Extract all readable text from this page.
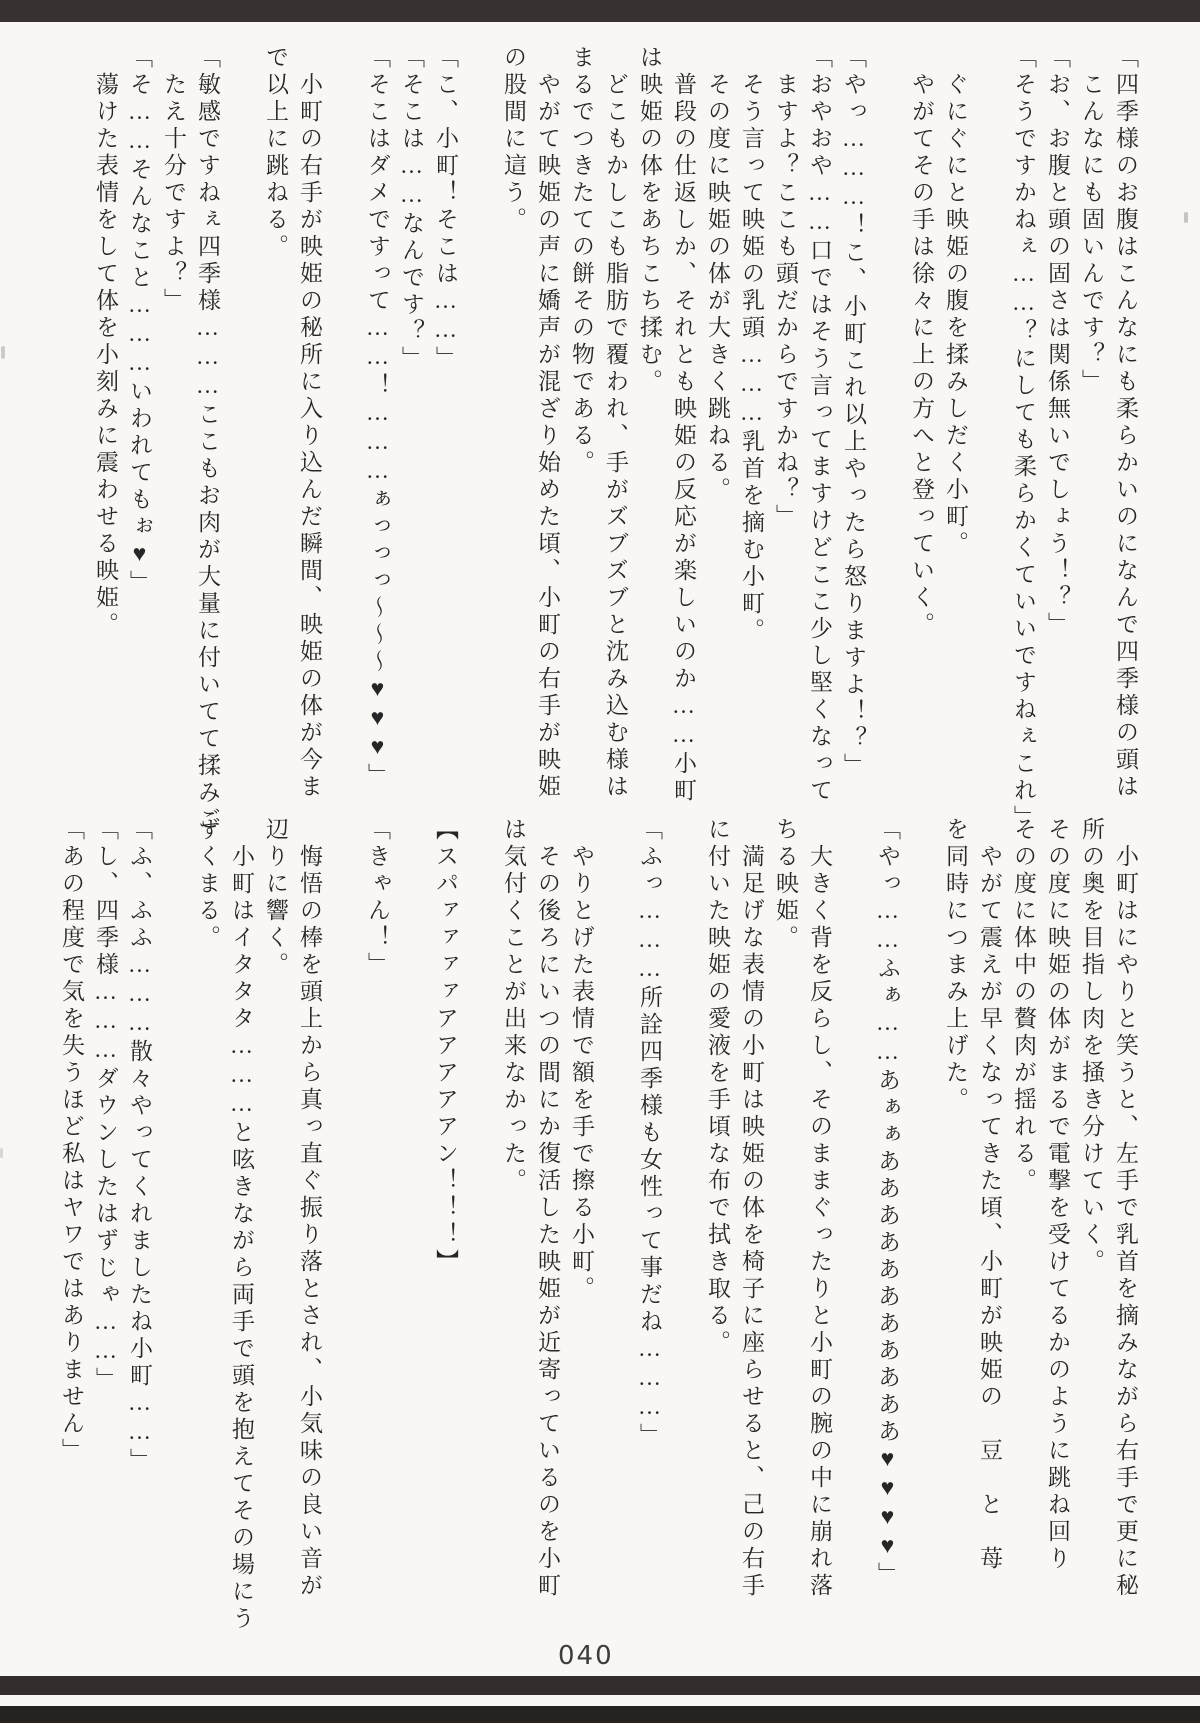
「四季様のお腹はこんなにも柔らかいのになんで四季様の頭は
　こんなにも固いんです？」
「お、お腹と頭の固さは関係無いでしょう！？」
「そうですかねぇ……？にしても柔らかくていいですねぇこれ」
　ぐにぐにと映姫の腹を揉みしだく小町。
　やがてその手は徐々に上の方へと登っていく。
「やっ………！こ、小町これ以上やったら怒りますよ！？」
「おやおや……口ではそう言ってますけどここ少し堅くなって
　ますよ？ここも頭だからですかね？」
　そう言って映姫の乳頭………乳首を摘む小町。
　その度に映姫の体が大きく跳ねる。
　普段の仕返しか、それとも映姫の反応が楽しいのか……小町
は映姫の体をあちこち揉む。
　どこもかしこも脂肪で覆われ、手がズブズブと沈み込む様は
まるでつきたての餅その物である。
　やがて映姫の声に嬌声が混ざり始めた頃、小町の右手が映姫
の股間に這う。
「こ、小町！そこは……」
「そこは……なんです？」
「そこはダメですって……！………ぁっっっ〜〜〜♥♥♥」
　小町の右手が映姫の秘所に入り込んだ瞬間、映姫の体が今ま
で以上に跳ねる。
「敏感ですねぇ四季様………ここもお肉が大量に付いてて揉みご
　たえ十分ですよ？」
「そ……そんなこと………いわれてもぉ♥」
　蕩けた表情をして体を小刻みに震わせる映姫。
　小町はにやりと笑うと、左手で乳首を摘みながら右手で更に秘
所の奥を目指し肉を掻き分けていく。
その度に映姫の体がまるで電撃を受けてるかのように跳ね回り
その度に体中の贅肉が揺れる。
　やがて震えが早くなってきた頃、小町が映姫の　豆　と　苺
を同時につまみ上げた。
「やっ……ふぁ……あぁぁあああああああああああ♥♥♥♥」
　大きく背を反らし、そのままぐったりと小町の腕の中に崩れ落
ちる映姫。
　満足げな表情の小町は映姫の体を椅子に座らせると、己の右手
に付いた映姫の愛液を手頃な布で拭き取る。
「ふっ………所詮四季様も女性って事だね………」
　やりとげた表情で額を手で擦る小町。
　その後ろにいつの間にか復活した映姫が近寄っているのを小町
は気付くことが出来なかった。
【スパァァァァアアアアアン！！！】
「きゃん！」
　悔悟の棒を頭上から真っ直ぐ振り落とされ、小気味の良い音が
辺りに響く。
　小町はイタタタ………と呟きながら両手で頭を抱えてその場にう
ずくまる。
「ふ、ふふ………散々やってくれましたね小町……」
「し、四季様………ダウンしたはずじゃ……」
「あの程度で気を失うほど私はヤワではありません」
040
